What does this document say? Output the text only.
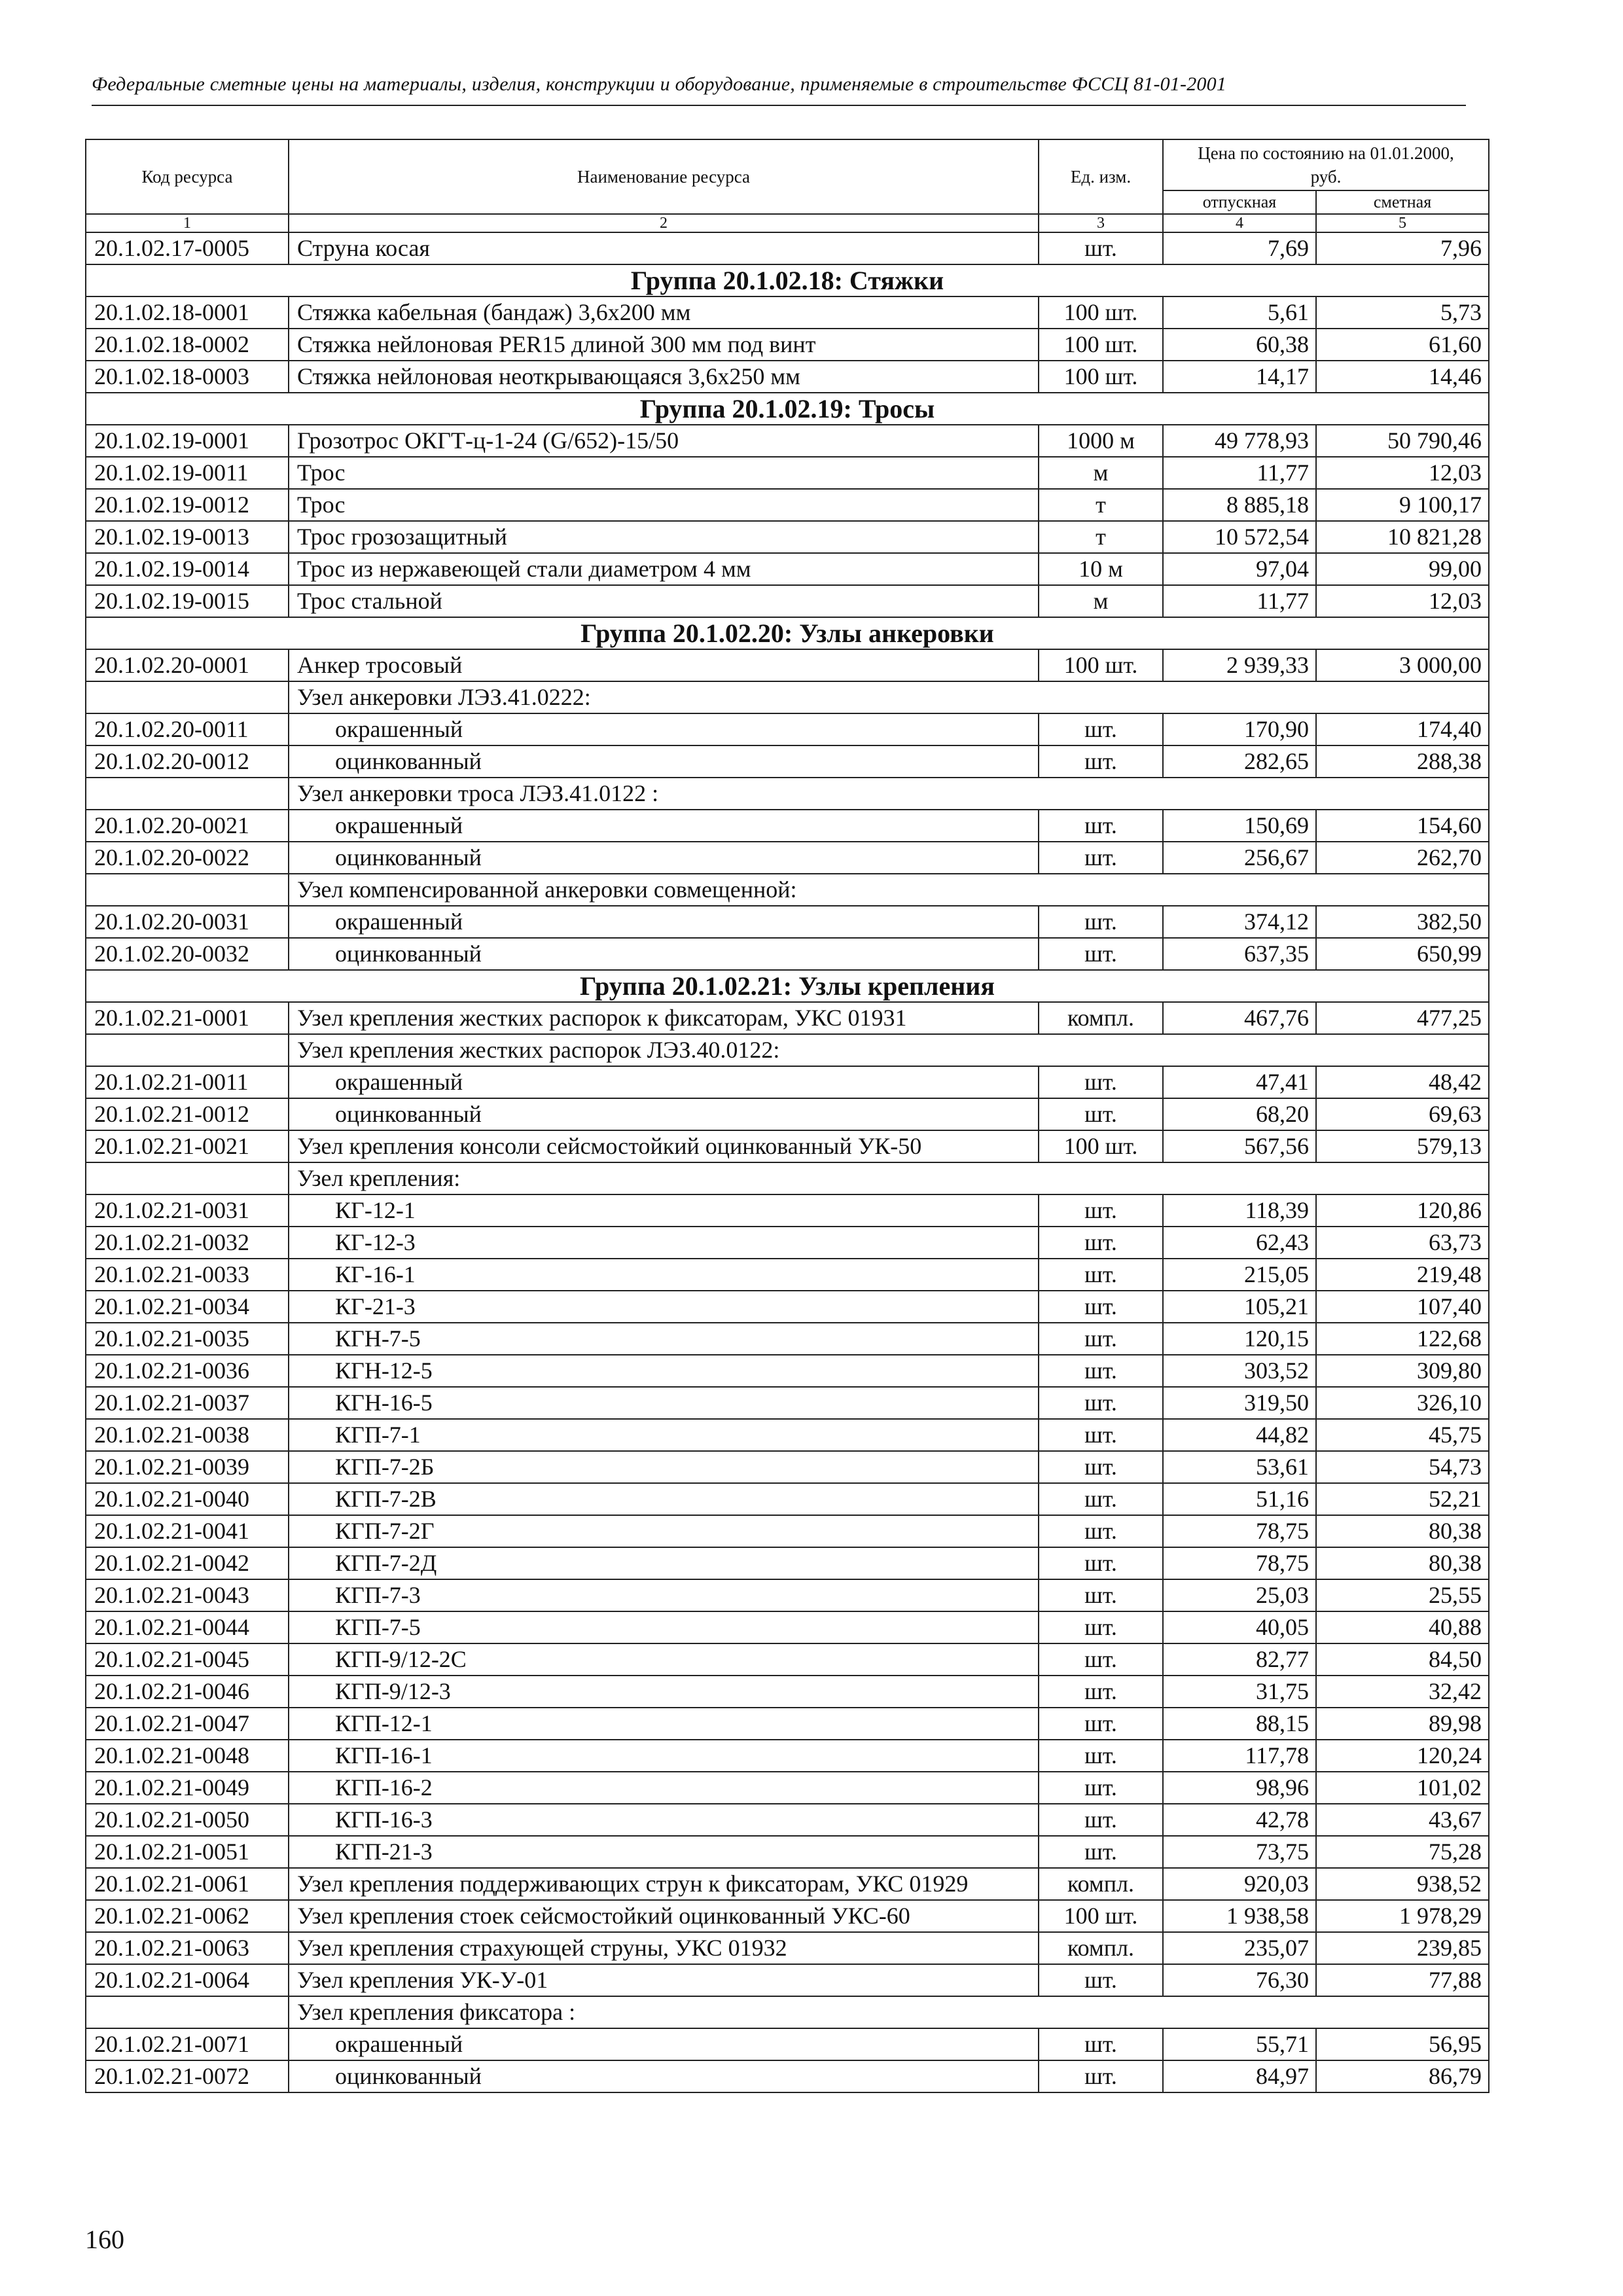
Федеральные сметные цены на материалы, изделия, конструкции и оборудование, применяемые в строительстве ФССЦ 81-01-2001
Код ресурса	Наименование ресурса	Ед. изм.	Цена по состоянию на 01.01.2000, руб.	
			отпускная	сметная
1	2	3	4	5
20.1.02.17-0005	Струна косая	шт.	7,69	7,96
Группа 20.1.02.18: Стяжки				
20.1.02.18-0001	Стяжка кабельная (бандаж) 3,6х200 мм	100 шт.	5,61	5,73
20.1.02.18-0002	Стяжка нейлоновая PER15 длиной 300 мм под винт	100 шт.	60,38	61,60
20.1.02.18-0003	Стяжка нейлоновая неоткрывающаяся 3,6х250 мм	100 шт.	14,17	14,46
Группа 20.1.02.19: Тросы				
20.1.02.19-0001	Грозотрос ОКГТ-ц-1-24 (G/652)-15/50	1000 м	49 778,93	50 790,46
20.1.02.19-0011	Трос	м	11,77	12,03
20.1.02.19-0012	Трос	т	8 885,18	9 100,17
20.1.02.19-0013	Трос грозозащитный	т	10 572,54	10 821,28
20.1.02.19-0014	Трос из нержавеющей стали диаметром 4 мм	10 м	97,04	99,00
20.1.02.19-0015	Трос стальной	м	11,77	12,03
Группа 20.1.02.20: Узлы анкеровки				
20.1.02.20-0001	Анкер тросовый	100 шт.	2 939,33	3 000,00
	Узел анкеровки ЛЭЗ.41.0222:			
20.1.02.20-0011	окрашенный	шт.	170,90	174,40
20.1.02.20-0012	оцинкованный	шт.	282,65	288,38
	Узел анкеровки троса ЛЭЗ.41.0122 :			
20.1.02.20-0021	окрашенный	шт.	150,69	154,60
20.1.02.20-0022	оцинкованный	шт.	256,67	262,70
	Узел компенсированной анкеровки совмещенной:			
20.1.02.20-0031	окрашенный	шт.	374,12	382,50
20.1.02.20-0032	оцинкованный	шт.	637,35	650,99
Группа 20.1.02.21: Узлы крепления				
20.1.02.21-0001	Узел крепления жестких распорок к фиксаторам, УКС 01931	компл.	467,76	477,25
	Узел крепления жестких распорок ЛЭЗ.40.0122:			
20.1.02.21-0011	окрашенный	шт.	47,41	48,42
20.1.02.21-0012	оцинкованный	шт.	68,20	69,63
20.1.02.21-0021	Узел крепления консоли сейсмостойкий оцинкованный УК-50	100 шт.	567,56	579,13
	Узел крепления:			
20.1.02.21-0031	КГ-12-1	шт.	118,39	120,86
20.1.02.21-0032	КГ-12-3	шт.	62,43	63,73
20.1.02.21-0033	КГ-16-1	шт.	215,05	219,48
20.1.02.21-0034	КГ-21-3	шт.	105,21	107,40
20.1.02.21-0035	КГН-7-5	шт.	120,15	122,68
20.1.02.21-0036	КГН-12-5	шт.	303,52	309,80
20.1.02.21-0037	КГН-16-5	шт.	319,50	326,10
20.1.02.21-0038	КГП-7-1	шт.	44,82	45,75
20.1.02.21-0039	КГП-7-2Б	шт.	53,61	54,73
20.1.02.21-0040	КГП-7-2В	шт.	51,16	52,21
20.1.02.21-0041	КГП-7-2Г	шт.	78,75	80,38
20.1.02.21-0042	КГП-7-2Д	шт.	78,75	80,38
20.1.02.21-0043	КГП-7-3	шт.	25,03	25,55
20.1.02.21-0044	КГП-7-5	шт.	40,05	40,88
20.1.02.21-0045	КГП-9/12-2С	шт.	82,77	84,50
20.1.02.21-0046	КГП-9/12-3	шт.	31,75	32,42
20.1.02.21-0047	КГП-12-1	шт.	88,15	89,98
20.1.02.21-0048	КГП-16-1	шт.	117,78	120,24
20.1.02.21-0049	КГП-16-2	шт.	98,96	101,02
20.1.02.21-0050	КГП-16-3	шт.	42,78	43,67
20.1.02.21-0051	КГП-21-3	шт.	73,75	75,28
20.1.02.21-0061	Узел крепления поддерживающих струн к фиксаторам, УКС 01929	компл.	920,03	938,52
20.1.02.21-0062	Узел крепления стоек сейсмостойкий оцинкованный УКС-60	100 шт.	1 938,58	1 978,29
20.1.02.21-0063	Узел крепления страхующей струны, УКС 01932	компл.	235,07	239,85
20.1.02.21-0064	Узел крепления УК-У-01	шт.	76,30	77,88
	Узел крепления фиксатора :			
20.1.02.21-0071	окрашенный	шт.	55,71	56,95
20.1.02.21-0072	оцинкованный	шт.	84,97	86,79
160
